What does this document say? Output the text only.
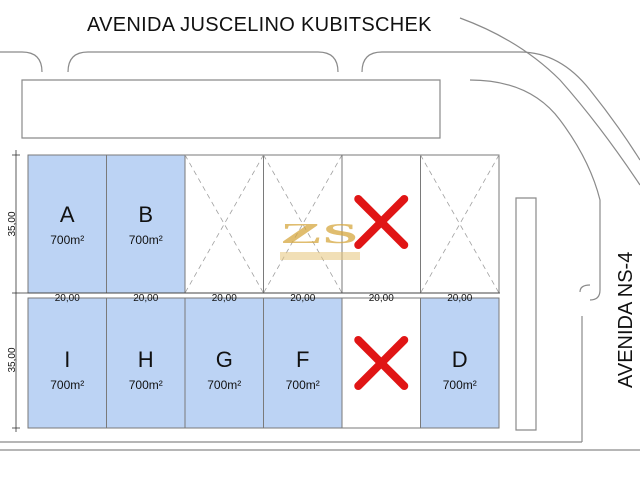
AVENIDA JUSCELINO KUBITSCHEK
A
700m²
B
700m²
I
700m²
20,00
H
700m²
20,00
G
700m²
20,00
F
700m²
20,00	20,00
D
700m²
20,00
35,00
35,00
ZS
AVENIDA NS-4
